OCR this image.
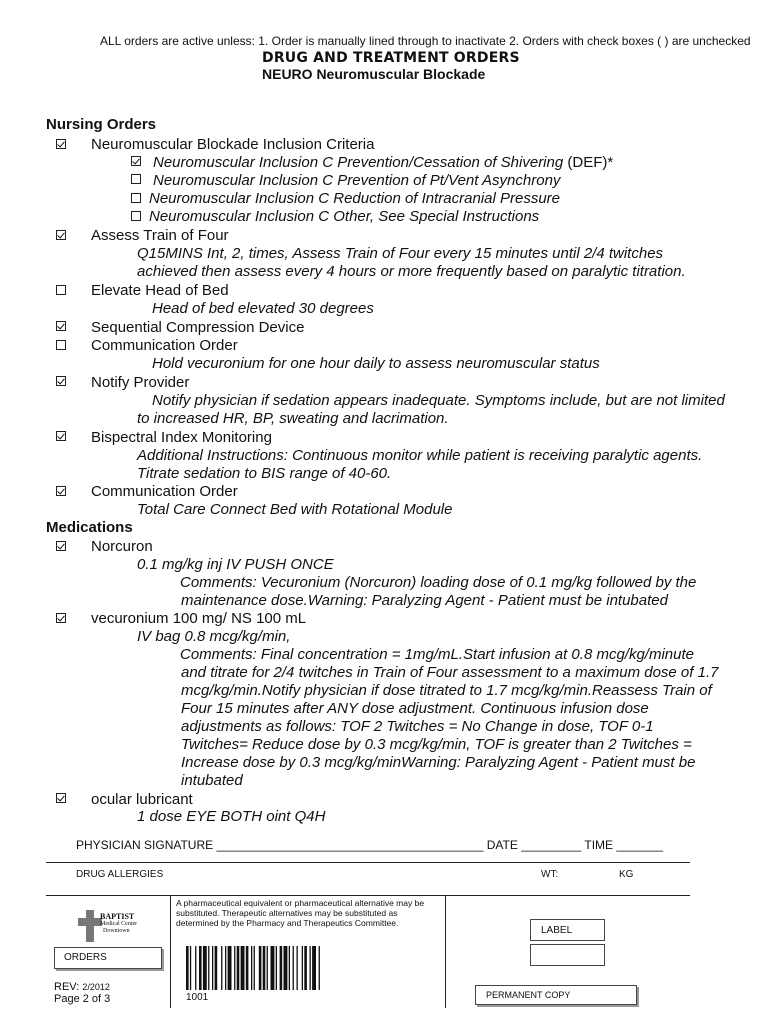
ALL orders are active unless: 1. Order is manually lined through to inactivate 2. Orders with check boxes ( ) are unchecked
DRUG AND TREATMENT ORDERS
NEURO Neuromuscular Blockade
Nursing Orders
Neuromuscular Blockade Inclusion Criteria
Neuromuscular Inclusion C Prevention/Cessation of Shivering (DEF)*
Neuromuscular Inclusion C Prevention of Pt/Vent Asynchrony
Neuromuscular Inclusion C Reduction of Intracranial Pressure
Neuromuscular Inclusion C Other, See Special Instructions
Assess Train of Four
Q15MINS Int, 2, times, Assess Train of Four every 15 minutes until 2/4 twitches
achieved then assess every 4 hours or more frequently based on paralytic titration.
Elevate Head of Bed
Head of bed elevated 30 degrees
Sequential Compression Device
Communication Order
Hold vecuronium for one hour daily to assess neuromuscular status
Notify Provider
Notify physician if sedation appears inadequate. Symptoms include, but are not limited
to increased HR, BP, sweating and lacrimation.
Bispectral Index Monitoring
Additional Instructions: Continuous monitor while patient is receiving paralytic agents.
Titrate sedation to BIS range of 40-60.
Communication Order
Total Care Connect Bed with Rotational Module
Medications
Norcuron
0.1 mg/kg inj IV PUSH ONCE
Comments: Vecuronium (Norcuron) loading dose of 0.1 mg/kg followed by the
maintenance dose.Warning: Paralyzing Agent - Patient must be intubated
vecuronium 100 mg/ NS 100 mL
IV bag 0.8 mcg/kg/min,
Comments: Final concentration = 1mg/mL.Start infusion at 0.8 mcg/kg/minute
and titrate for 2/4 twitches in Train of Four assessment to a maximum dose of 1.7
mcg/kg/min.Notify physician if dose titrated to 1.7 mcg/kg/min.Reassess Train of
Four 15 minutes after ANY dose adjustment. Continuous infusion dose
adjustments as follows: TOF 2 Twitches = No Change in dose, TOF 0-1
Twitches= Reduce dose by 0.3 mcg/kg/min, TOF is greater than 2 Twitches =
Increase dose by 0.3 mcg/kg/minWarning: Paralyzing Agent - Patient must be
intubated
ocular lubricant
1 dose EYE BOTH oint Q4H
PHYSICIAN SIGNATURE ________________________________________ DATE _________ TIME _______
DRUG ALLERGIES	WT:	KG
A pharmaceutical equivalent or pharmaceutical alternative may be substituted. Therapeutic alternatives may be substituted as determined by the Pharmacy and Therapeutics Committee.
BAPTIST
Medical Center
Downtown
ORDERS
LABEL
REV: 2/2012
Page 2 of 3	1001	PERMANENT COPY
